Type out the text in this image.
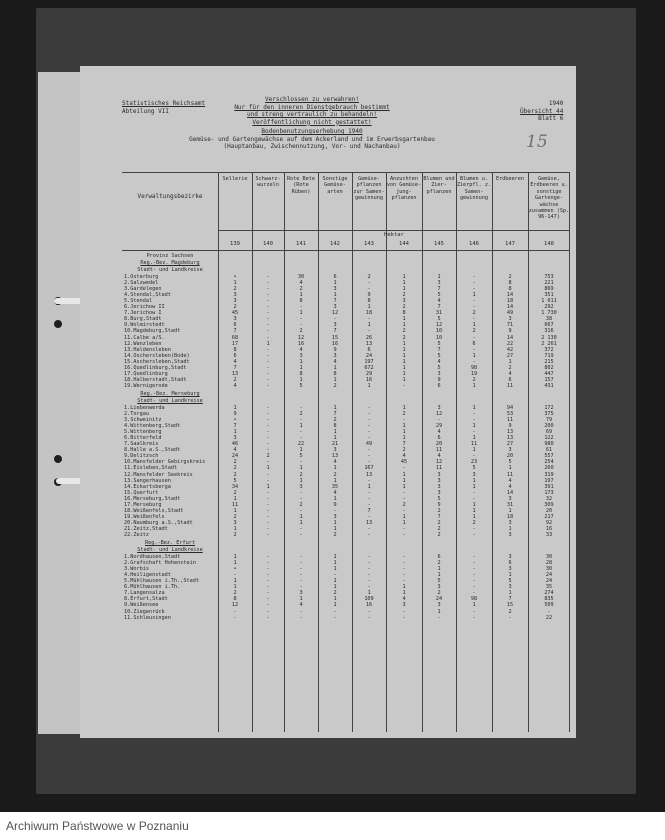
Statistisches Reichsamt
Abteilung VII
Verschlossen zu verwahren!
Nur für den inneren Dienstgebrauch bestimmt
und streng vertraulich zu behandeln!
Veröffentlichung nicht gestattet!
Bodenbenutzungserhebung 1940
Gemüse- und Gartengewächse auf dem Ackerland und im Erwerbsgartenbau
(Hauptanbau, Zwischennutzung, Vor- und Nachanbau)
1940
Übersicht 44
Blatt 6
15
Verwaltungsbezirke
Sellerie
139
Schwarz-wurzeln
140
Rote Bete (Rote Rüben)
141
Sonstige Gemüse-arten
142
Gemüse-pflanzen zur Samen-gewinnung
143
Anzuchten von Gemüse-jung-pflanzen
144
Blumen und Zier-pflanzen
145
Blumen u. Zierpfl. z. Samen-gewinnung
146
Erdbeeren
147
Gemüse, Erdbeeren u. sonstige Gartenge-wächse zusammen (Sp. 96-147)
148
Hektar
Provinz Sachsen
Reg.-Bez. Magdeburg
Stadt- und Landkreise
1.Osterburg	•	-	30	6	2	1	1	-	2	753
2.Salzwedel	1	-	4	1	-	1	3	-	8	221
3.Gardelegen	2	-	2	3	-	1	7	-	8	869
4.Stendal,Stadt	3	-	1	1	9	2	5	1	14	351
5.Stendal	3	-	8	7	8	3	4	-	18	1 011
6.Jerichow II	2	-	-	3	1	2	7	-	14	292
7.Jerichow I	45	-	1	12	18	8	31	2	49	1 730
8.Burg,Stadt	3	-	-	-	-	1	5	-	3	38
9.Wolmirstedt	6	-	-	3	1	1	12	1	71	667
10.Magdeburg,Stadt	7	-	2	7	-	2	10	2	9	316
11.Calbe a/S.	68	-	12	15	26	2	10	-	14	2 130
12.Wanzleben	17	1	16	16	13	1	5	6	22	2 261
13.Haldensleben	8	-	4	9	6	1	7	-	42	372
14.Oschersleben(Bode)	6	-	3	3	24	1	5	1	27	719
15.Aschersleben,Stadt	4	-	1	4	197	1	4	-	1	215
16.Quedlinburg,Stadt	7	-	1	1	672	1	5	98	2	802
17.Quedlinburg	13	-	8	8	29	1	3	19	4	447
18.Halberstadt,Stadt	2	-	1	1	16	1	9	2	6	157
19.Wernigerode	4	-	5	2	1	-	6	1	11	431
Reg.-Bez. Merseburg
Stadt- und Landkreise
1.Liebenwerda	1	-	-	1	-	1	3	1	94	172
2.Torgau	9	-	2	7	-	2	12	-	53	375
3.Schweinitz	•	-	-	2	-	-	-	-	11	79
4.Wittenberg,Stadt	7	-	1	8	-	1	29	1	9	200
5.Wittenberg	1	-	-	1	-	1	4	-	13	69
6.Bitterfeld	3	-	-	1	-	1	6	1	13	122
7.Saalkreis	46	-	22	21	49	7	20	11	27	980
8.Halle a.S.,Stadt	4	-	1	3	-	2	11	1	3	61
9.Delitzsch	24	2	5	13	-	4	4	-	20	557
10.Mansfelder Gebirgskreis	2	-	-	4	-	45	12	23	5	254
11.Eisleben,Stadt	2	1	1	1	167	-	11	5	1	260
12.Mansfelder Seekreis	2	-	2	2	13	1	3	3	11	319
13.Sangerhausen	5	-	1	1	-	1	3	1	4	197
14.Eckartsberga	34	1	3	35	1	1	3	1	4	391
15.Querfurt	2	-	-	4	-	-	3	-	14	173
16.Merseburg,Stadt	1	-	-	1	-	-	5	-	3	32
17.Merseburg	11	-	2	9	-	2	9	1	31	309
18.Weißenfels,Stadt	1	-	-	-	7	-	2	1	1	20
19.Weißenfels	2	-	1	3	-	1	7	1	18	217
20.Naumburg a.S.,Stadt	3	-	1	1	13	1	2	2	3	92
21.Zeitz,Stadt	1	-	-	1	-	-	2	-	1	16
22.Zeitz	2	-	-	2	-	-	2	-	3	33
Reg.-Bez. Erfurt
Stadt- und Landkreise
1.Nordhausen,Stadt	1	-	-	1	-	-	6	-	3	30
2.Grafschaft Hohenstein	1	-	-	1	-	-	2	-	6	28
3.Worbis	•	-	-	1	-	-	1	-	3	30
4.Heiligenstadt	-	-	-	-	-	-	1	-	1	24
5.Mühlhausen i.Th.,Stadt	1	-	-	1	-	-	5	-	5	24
6.Mühlhausen i.Th.	1	-	-	1	-	1	3	-	3	35
7.Langensalza	2	-	3	2	1	1	2	-	1	274
8.Erfurt,Stadt	8	-	1	1	109	4	24	98	7	835
9.Weißensee	12	-	4	1	16	3	3	1	15	509
10.Ziegenrück	-	-	-	-	-	-	1	-	2	-
11.Schleusingen	-	-	-	-	-	-	-	-	-	22
Archiwum Państwowe w Poznaniu
